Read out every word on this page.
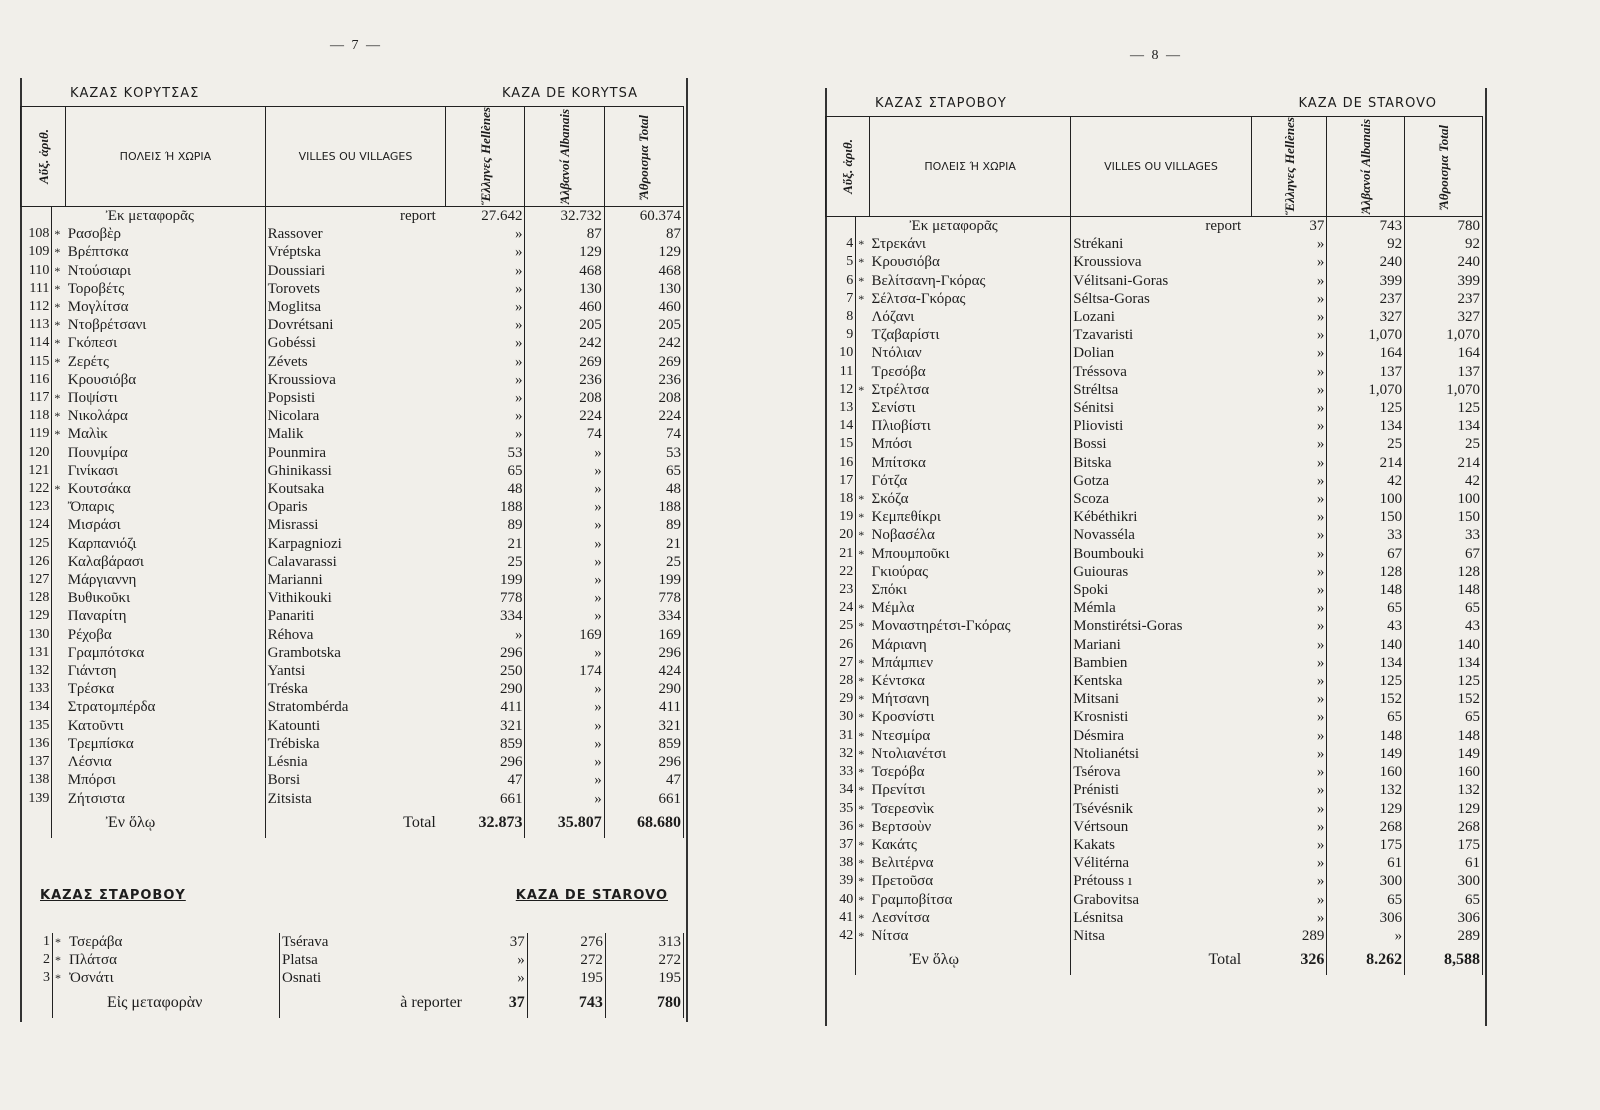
— 7 —
ΚΑΖΑΣ ΚΟΡΥΤΣΑΣ	KAZA DE KORYTSA
Αὔξ. ἀριθ.		ΠΟΛΕΙΣ Ή ΧΩΡΙΑ	VILLES OU VILLAGES	Ἕλληνες Hellènes	Ἀλβανοί Albanais	Ἄθροισμα Total

		Ἐκ μεταφορᾶς	report	27.642	32.732	60.374
108	*	Ρασοβὲρ	Rassover	»	87	87
109	*	Βρέπτσκα	Vréptska	»	129	129
110	*	Ντούσιαρι	Doussiari	»	468	468
111	*	Τοροβέτς	Torovets	»	130	130
112	*	Μογλίτσα	Moglitsa	»	460	460
113	*	Ντοβρέτσανι	Dovrétsani	»	205	205
114	*	Γκόπεσι	Gobéssi	»	242	242
115	*	Ζερέτς	Zévets	»	269	269
116		Κρουσιόβα	Kroussiova	»	236	236
117	*	Ποψίστι	Popsisti	»	208	208
118	*	Νικολάρα	Nicolara	»	224	224
119	*	Μαλὶκ	Malik	»	74	74
120		Πουνμίρα	Pounmira	53	»	53
121		Γινίκασι	Ghinikassi	65	»	65
122	*	Κουτσάκα	Koutsaka	48	»	48
123		Ὄπαρις	Oparis	188	»	188
124		Μισράσι	Misrassi	89	»	89
125		Καρπανιόζι	Karpagniozi	21	»	21
126		Καλαβάρασι	Calavarassi	25	»	25
127		Μάργιαννη	Marianni	199	»	199
128		Βυθικοῦκι	Vithikouki	778	»	778
129		Παναρίτη	Panariti	334	»	334
130		Ρέχοβα	Réhova	»	169	169
131		Γραμπότσκα	Grambotska	296	»	296
132		Γιάντση	Yantsi	250	174	424
133		Τρέσκα	Tréska	290	»	290
134		Στρατομπέρδα	Stratombérda	411	»	411
135		Κατοῦντι	Katounti	321	»	321
136		Τρεμπίσκα	Trébiska	859	»	859
137		Λέσνια	Lésnia	296	»	296
138		Μπόρσι	Borsi	47	»	47
139		Ζήτσιστα	Zitsista	661	»	661
		Ἐν ὅλῳ	Total	32.873	35.807	68.680
ΚΑΖΑΣ ΣΤΑΡΟΒΟΥ	KAZA DE STAROVO
1	*	Τσεράβα	Tsérava	37	276	313
2	*	Πλάτσα	Platsa	»	272	272
3	*	Ὀσνάτι	Osnati	»	195	195
		Εἰς μεταφορὰν	à reporter	37	743	780
— 8 —
ΚΑΖΑΣ ΣΤΑΡΟΒΟΥ	KAZA DE STAROVO
Αὔξ. ἀριθ.		ΠΟΛΕΙΣ Ή ΧΩΡΙΑ	VILLES OU VILLAGES	Ἕλληνες Hellènes	Ἀλβανοί Albanais	Ἄθροισμα Total

		Ἐκ μεταφορᾶς	report	37	743	780
4	*	Στρεκάνι	Strékani	»	92	92
5	*	Κρουσιόβα	Kroussiova	»	240	240
6	*	Βελίτσανη-Γκόρας	Vélitsani-Goras	»	399	399
7	*	Σέλτσα-Γκόρας	Séltsa-Goras	»	237	237
8		Λόζανι	Lozani	»	327	327
9		Τζαβαρίστι	Tzavaristi	»	1,070	1,070
10		Ντόλιαν	Dolian	»	164	164
11		Τρεσόβα	Tréssova	»	137	137
12	*	Στρέλτσα	Stréltsa	»	1,070	1,070
13		Σενίστι	Sénitsi	»	125	125
14		Πλιοβίστι	Pliovisti	»	134	134
15		Μπόσι	Bossi	»	25	25
16		Μπίτσκα	Bitska	»	214	214
17		Γότζα	Gotza	»	42	42
18	*	Σκόζα	Scoza	»	100	100
19	*	Κεμπεθίκρι	Kébéthikri	»	150	150
20	*	Νοβασέλα	Novasséla	»	33	33
21	*	Μπουμποῦκι	Boumbouki	»	67	67
22		Γκιούρας	Guiouras	»	128	128
23		Σπόκι	Spoki	»	148	148
24	*	Μέμλα	Mémla	»	65	65
25	*	Μοναστηρέτσι-Γκόρας	Monstirétsi-Goras	»	43	43
26		Μάριανη	Mariani	»	140	140
27	*	Μπάμπιεν	Bambien	»	134	134
28	*	Κέντσκα	Kentska	»	125	125
29	*	Μήτσανη	Mitsani	»	152	152
30	*	Κροσνίστι	Krosnisti	»	65	65
31	*	Ντεσμίρα	Désmira	»	148	148
32	*	Ντολιανέτσι	Ntolianétsi	»	149	149
33	*	Τσερόβα	Tsérova	»	160	160
34	*	Πρενίτσι	Prénisti	»	132	132
35	*	Τσερεσνὶκ	Tsévésnik	»	129	129
36	*	Βερτσοὺν	Vértsoun	»	268	268
37	*	Κακάτς	Kakats	»	175	175
38	*	Βελιτέρνα	Vélitérna	»	61	61
39	*	Πρετοῦσα	Prétouss ı	»	300	300
40	*	Γραμποβίτσα	Grabovitsa	»	65	65
41	*	Λεσνίτσα	Lésnitsa	»	306	306
42	*	Νίτσα	Nitsa	289	»	289
		Ἐν ὅλῳ	Total	326	8.262	8,588
